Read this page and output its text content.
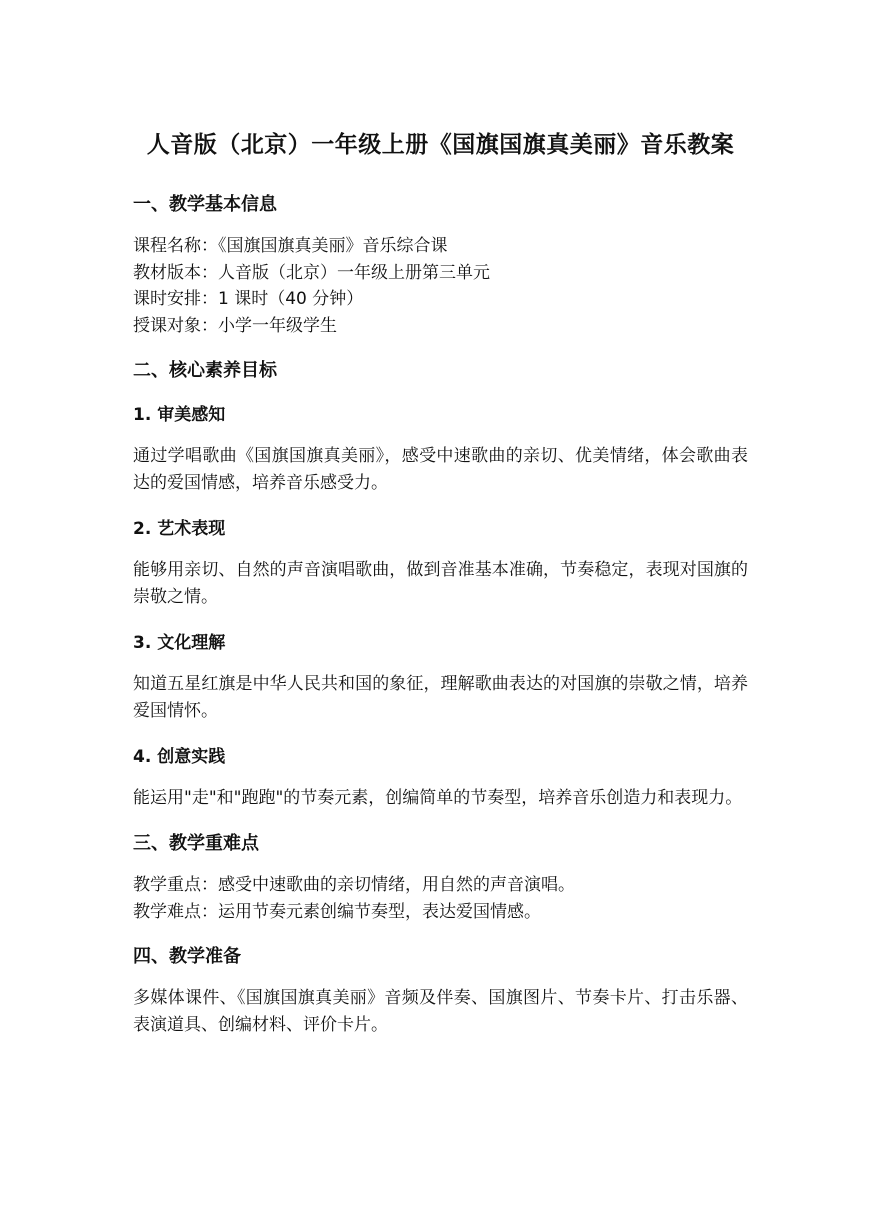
人音版（北京）一年级上册《国旗国旗真美丽》音乐教案
一、教学基本信息

课程名称：《国旗国旗真美丽》音乐综合课

教材版本：人音版（北京）一年级上册第三单元

课时安排：1 课时（40 分钟）

授课对象：小学一年级学生

二、核心素养目标
1. 审美感知

通过学唱歌曲《国旗国旗真美丽》，感受中速歌曲的亲切、优美情绪，体会歌曲表达的爱国情感，培养音乐感受力。

2. 艺术表现

能够用亲切、自然的声音演唱歌曲，做到音准基本准确，节奏稳定，表现对国旗的崇敬之情。

3. 文化理解

知道五星红旗是中华人民共和国的象征，理解歌曲表达的对国旗的崇敬之情，培养爱国情怀。

4. 创意实践

能运用"走"和"跑跑"的节奏元素，创编简单的节奏型，培养音乐创造力和表现力。

三、教学重难点

教学重点：感受中速歌曲的亲切情绪，用自然的声音演唱。

教学难点：运用节奏元素创编节奏型，表达爱国情感。

四、教学准备

多媒体课件、《国旗国旗真美丽》音频及伴奏、国旗图片、节奏卡片、打击乐器、表演道具、创编材料、评价卡片。
